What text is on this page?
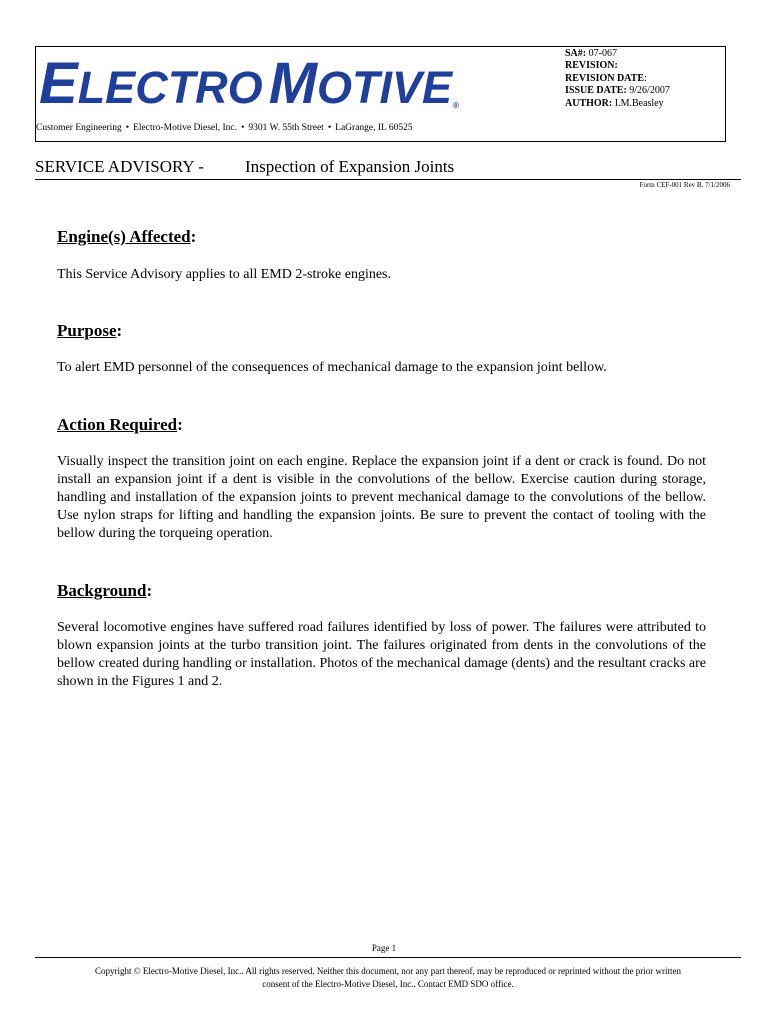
ELECTRO MOTIVE ®
SA#: 07-067
REVISION:
REVISION DATE:
ISSUE DATE: 9/26/2007
AUTHOR: I.M.Beasley
Customer Engineering • Electro-Motive Diesel, Inc. • 9301 W. 55th Street • LaGrange, IL 60525
SERVICE ADVISORY - Inspection of Expansion Joints
Form CEF-001 Rev B. 7/1/2006
Engine(s) Affected:
This Service Advisory applies to all EMD 2-stroke engines.
Purpose:
To alert EMD personnel of the consequences of mechanical damage to the expansion joint bellow.
Action Required:
Visually inspect the transition joint on each engine. Replace the expansion joint if a dent or crack is found. Do not install an expansion joint if a dent is visible in the convolutions of the bellow. Exercise caution during storage, handling and installation of the expansion joints to prevent mechanical damage to the convolutions of the bellow. Use nylon straps for lifting and handling the expansion joints. Be sure to prevent the contact of tooling with the bellow during the torqueing operation.
Background:
Several locomotive engines have suffered road failures identified by loss of power. The failures were attributed to blown expansion joints at the turbo transition joint. The failures originated from dents in the convolutions of the bellow created during handling or installation. Photos of the mechanical damage (dents) and the resultant cracks are shown in the Figures 1 and 2.
Page 1
Copyright © Electro-Motive Diesel, Inc.. All rights reserved. Neither this document, nor any part thereof, may be reproduced or reprinted without the prior written
consent of the Electro-Motive Diesel, Inc.. Contact EMD SDO office.
